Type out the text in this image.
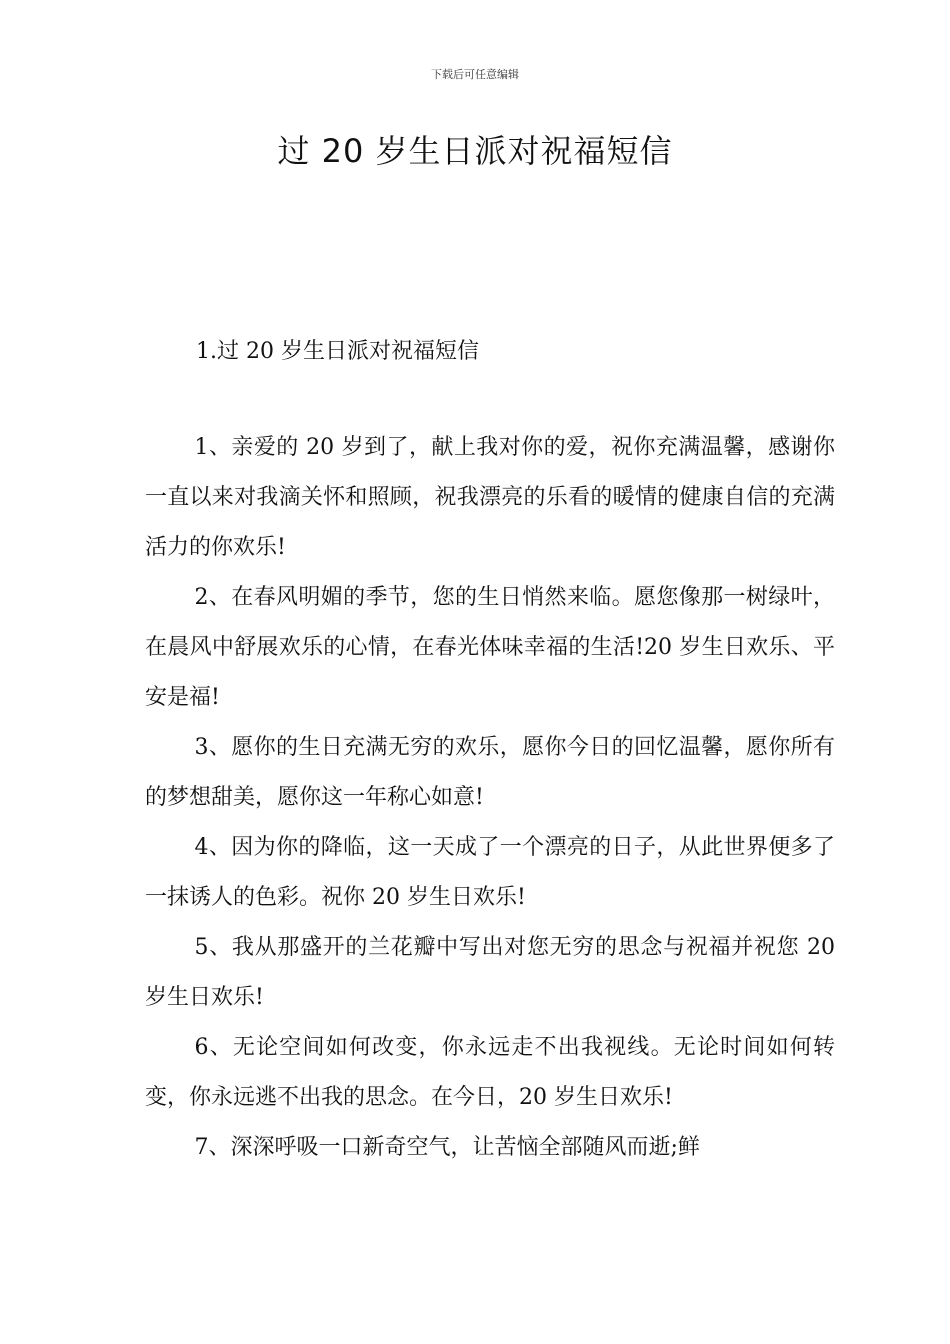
下载后可任意编辑
过 20 岁生日派对祝福短信
1.过 20 岁生日派对祝福短信

1、亲爱的 20 岁到了，献上我对你的爱，祝你充满温馨，感谢你一直以来对我滴关怀和照顾，祝我漂亮的乐看的暖情的健康自信的充满活力的你欢乐!

2、在春风明媚的季节，您的生日悄然来临。愿您像那一树绿叶，在晨风中舒展欢乐的心情，在春光体味幸福的生活!20 岁生日欢乐、平安是福!

3、愿你的生日充满无穷的欢乐，愿你今日的回忆温馨，愿你所有的梦想甜美，愿你这一年称心如意!

4、因为你的降临，这一天成了一个漂亮的日子，从此世界便多了一抹诱人的色彩。祝你 20 岁生日欢乐!

5、我从那盛开的兰花瓣中写出对您无穷的思念与祝福并祝您 20 岁生日欢乐!

6、无论空间如何改变，你永远走不出我视线。无论时间如何转变，你永远逃不出我的思念。在今日，20 岁生日欢乐!

7、深深呼吸一口新奇空气，让苦恼全部随风而逝;鲜
